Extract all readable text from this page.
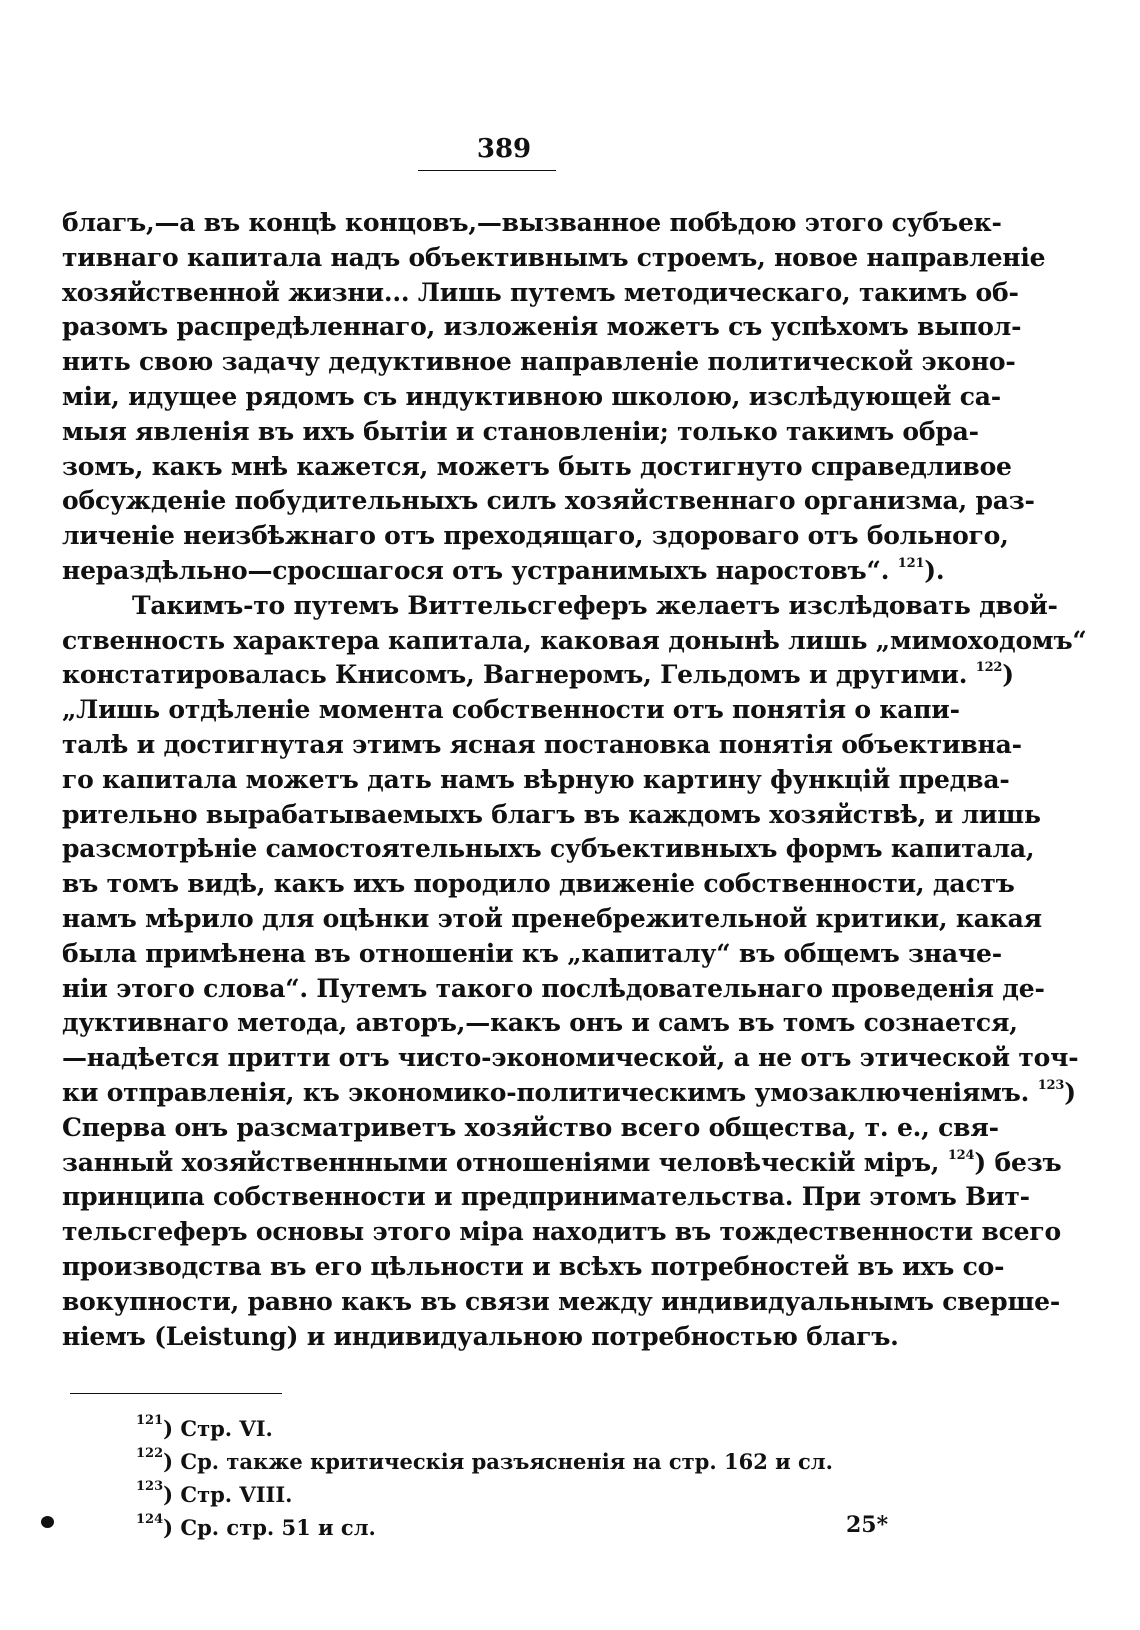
389
благъ,—а въ концѣ концовъ,—вызванное побѣдою этого субъек-
тивнаго капитала надъ объективнымъ строемъ, новое направленіе
хозяйственной жизни... Лишь путемъ методическаго, такимъ об-
разомъ распредѣленнаго, изложенія можетъ съ успѣхомъ выпол-
нить свою задачу дедуктивное направленіе политической эконо-
міи, идущее рядомъ съ индуктивною школою, изслѣдующей са-
мыя явленія въ ихъ бытіи и становленіи; только такимъ обра-
зомъ, какъ мнѣ кажется, можетъ быть достигнуто справедливое
обсужденіе побудительныхъ силъ хозяйственнаго организма, раз-
личеніе неизбѣжнаго отъ преходящаго, здороваго отъ больного,
нераздѣльно—сросшагося отъ устранимыхъ наростовъ“. $^{121}$).
Такимъ-то путемъ Виттельсгеферъ желаетъ изслѣдовать двой-
ственность характера капитала, каковая донынѣ лишь „мимоходомъ“
констатировалась Книсомъ, Вагнеромъ, Гельдомъ и другими. $^{122}$)
„Лишь отдѣленіе момента собственности отъ понятія о капи-
талѣ и достигнутая этимъ ясная постановка понятія объективна-
го капитала можетъ дать намъ вѣрную картину функцій предва-
рительно вырабатываемыхъ благъ въ каждомъ хозяйствѣ, и лишь
разсмотрѣніе самостоятельныхъ субъективныхъ формъ капитала,
въ томъ видѣ, какъ ихъ породило движеніе собственности, дастъ
намъ мѣрило для оцѣнки этой пренебрежительной критики, какая
была примѣнена въ отношеніи къ „капиталу“ въ общемъ значе-
ніи этого слова“. Путемъ такого послѣдовательнаго проведенія де-
дуктивнаго метода, авторъ,—какъ онъ и самъ въ томъ сознается,
—надѣется притти отъ чисто-экономической, а не отъ этической точ-
ки отправленія, къ экономико-политическимъ умозаключеніямъ. $^{123}$)
Сперва онъ разсматриветъ хозяйство всего общества, т. е., свя-
занный хозяйственнными отношеніями человѣческій міръ, $^{124}$) безъ
принципа собственности и предпринимательства. При этомъ Вит-
тельсгеферъ основы этого міра находитъ въ тождественности всего
производства въ его цѣльности и всѣхъ потребностей въ ихъ со-
вокупности, равно какъ въ связи между индивидуальнымъ сверше-
ніемъ (Leistung) и индивидуальною потребностью благъ.
$^{121}$) Стр. VI.
$^{122}$) Ср. также критическія разъясненія на стр. 162 и сл.
$^{123}$) Стр. VIII.
$^{124}$) Ср. стр. 51 и сл.	25*
